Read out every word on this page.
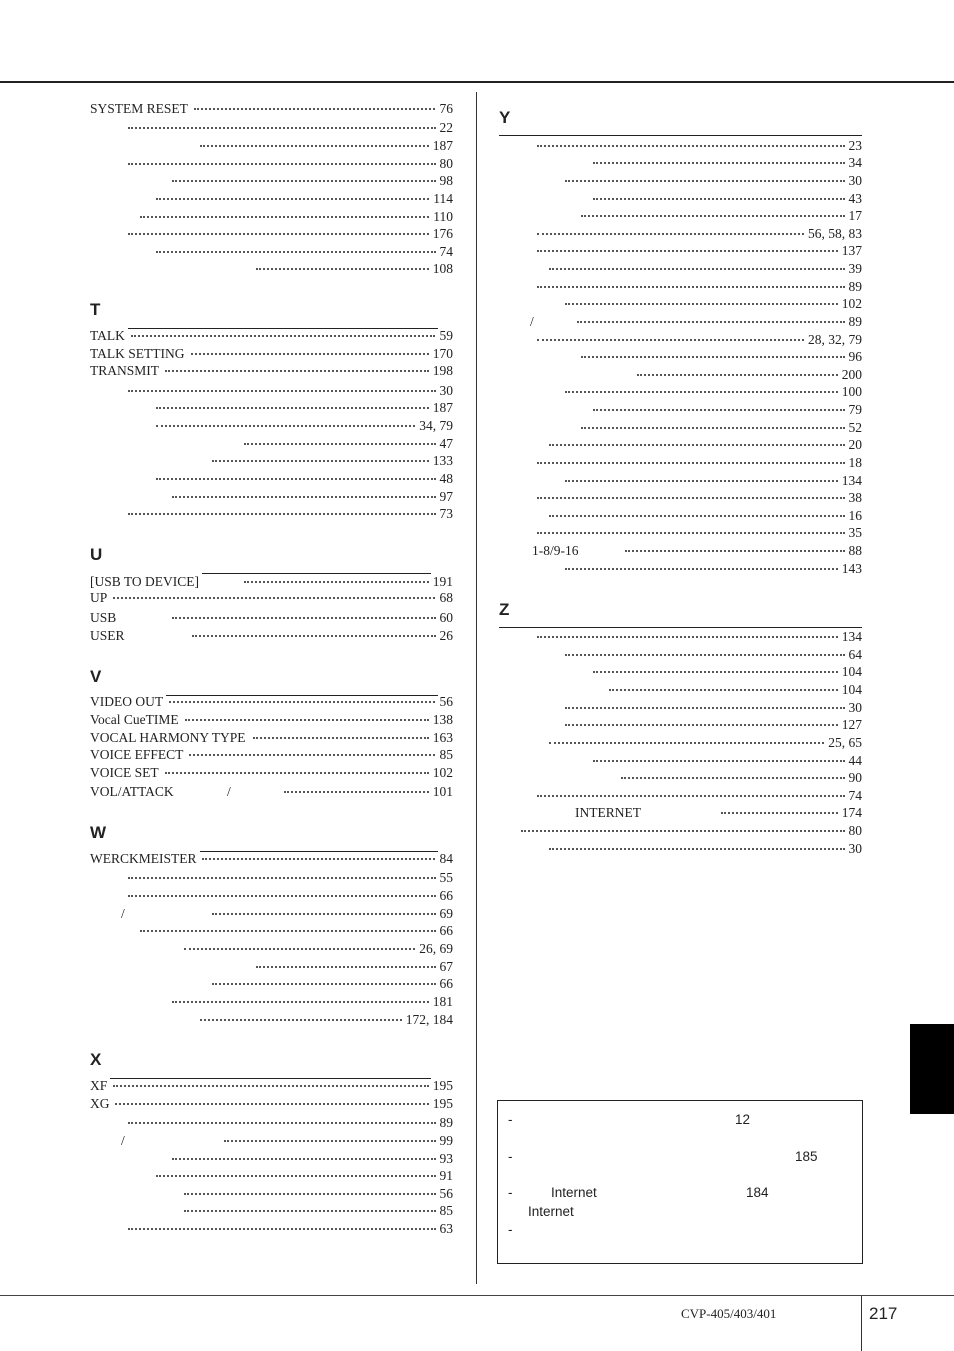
SYSTEM RESET	76
22
187
80
98
114
110
176
74
108
T
TALK	59
TALK SETTING	170
TRANSMIT	198
30
187
34, 79
47
133
48
97
73
U
[USB TO DEVICE]	191
UP	68
USB	60
USER	26
V
VIDEO OUT	56
Vocal CueTIME	138
VOCAL HARMONY TYPE	163
VOICE EFFECT	85
VOICE SET	102
VOL/ATTACK	/	101
W
WERCKMEISTER	84
55
66
/	69
66
26, 69
67
66
181
172, 184
X
XF	195
XG	195
89
/	99
93
91
56
85
63
Y
23
34
30
43
17
56, 58, 83
137
39
89
102
/	89
28, 32, 79
96
200
100
79
52
20
18
134
38
16
35
1-8/9-16	88
143
Z
134
64
104
104
30
127
25, 65
44
90
74
INTERNET	174
80
30
-	12
-	185
-	Internet	184
Internet
-
CVP-405/403/401	217
